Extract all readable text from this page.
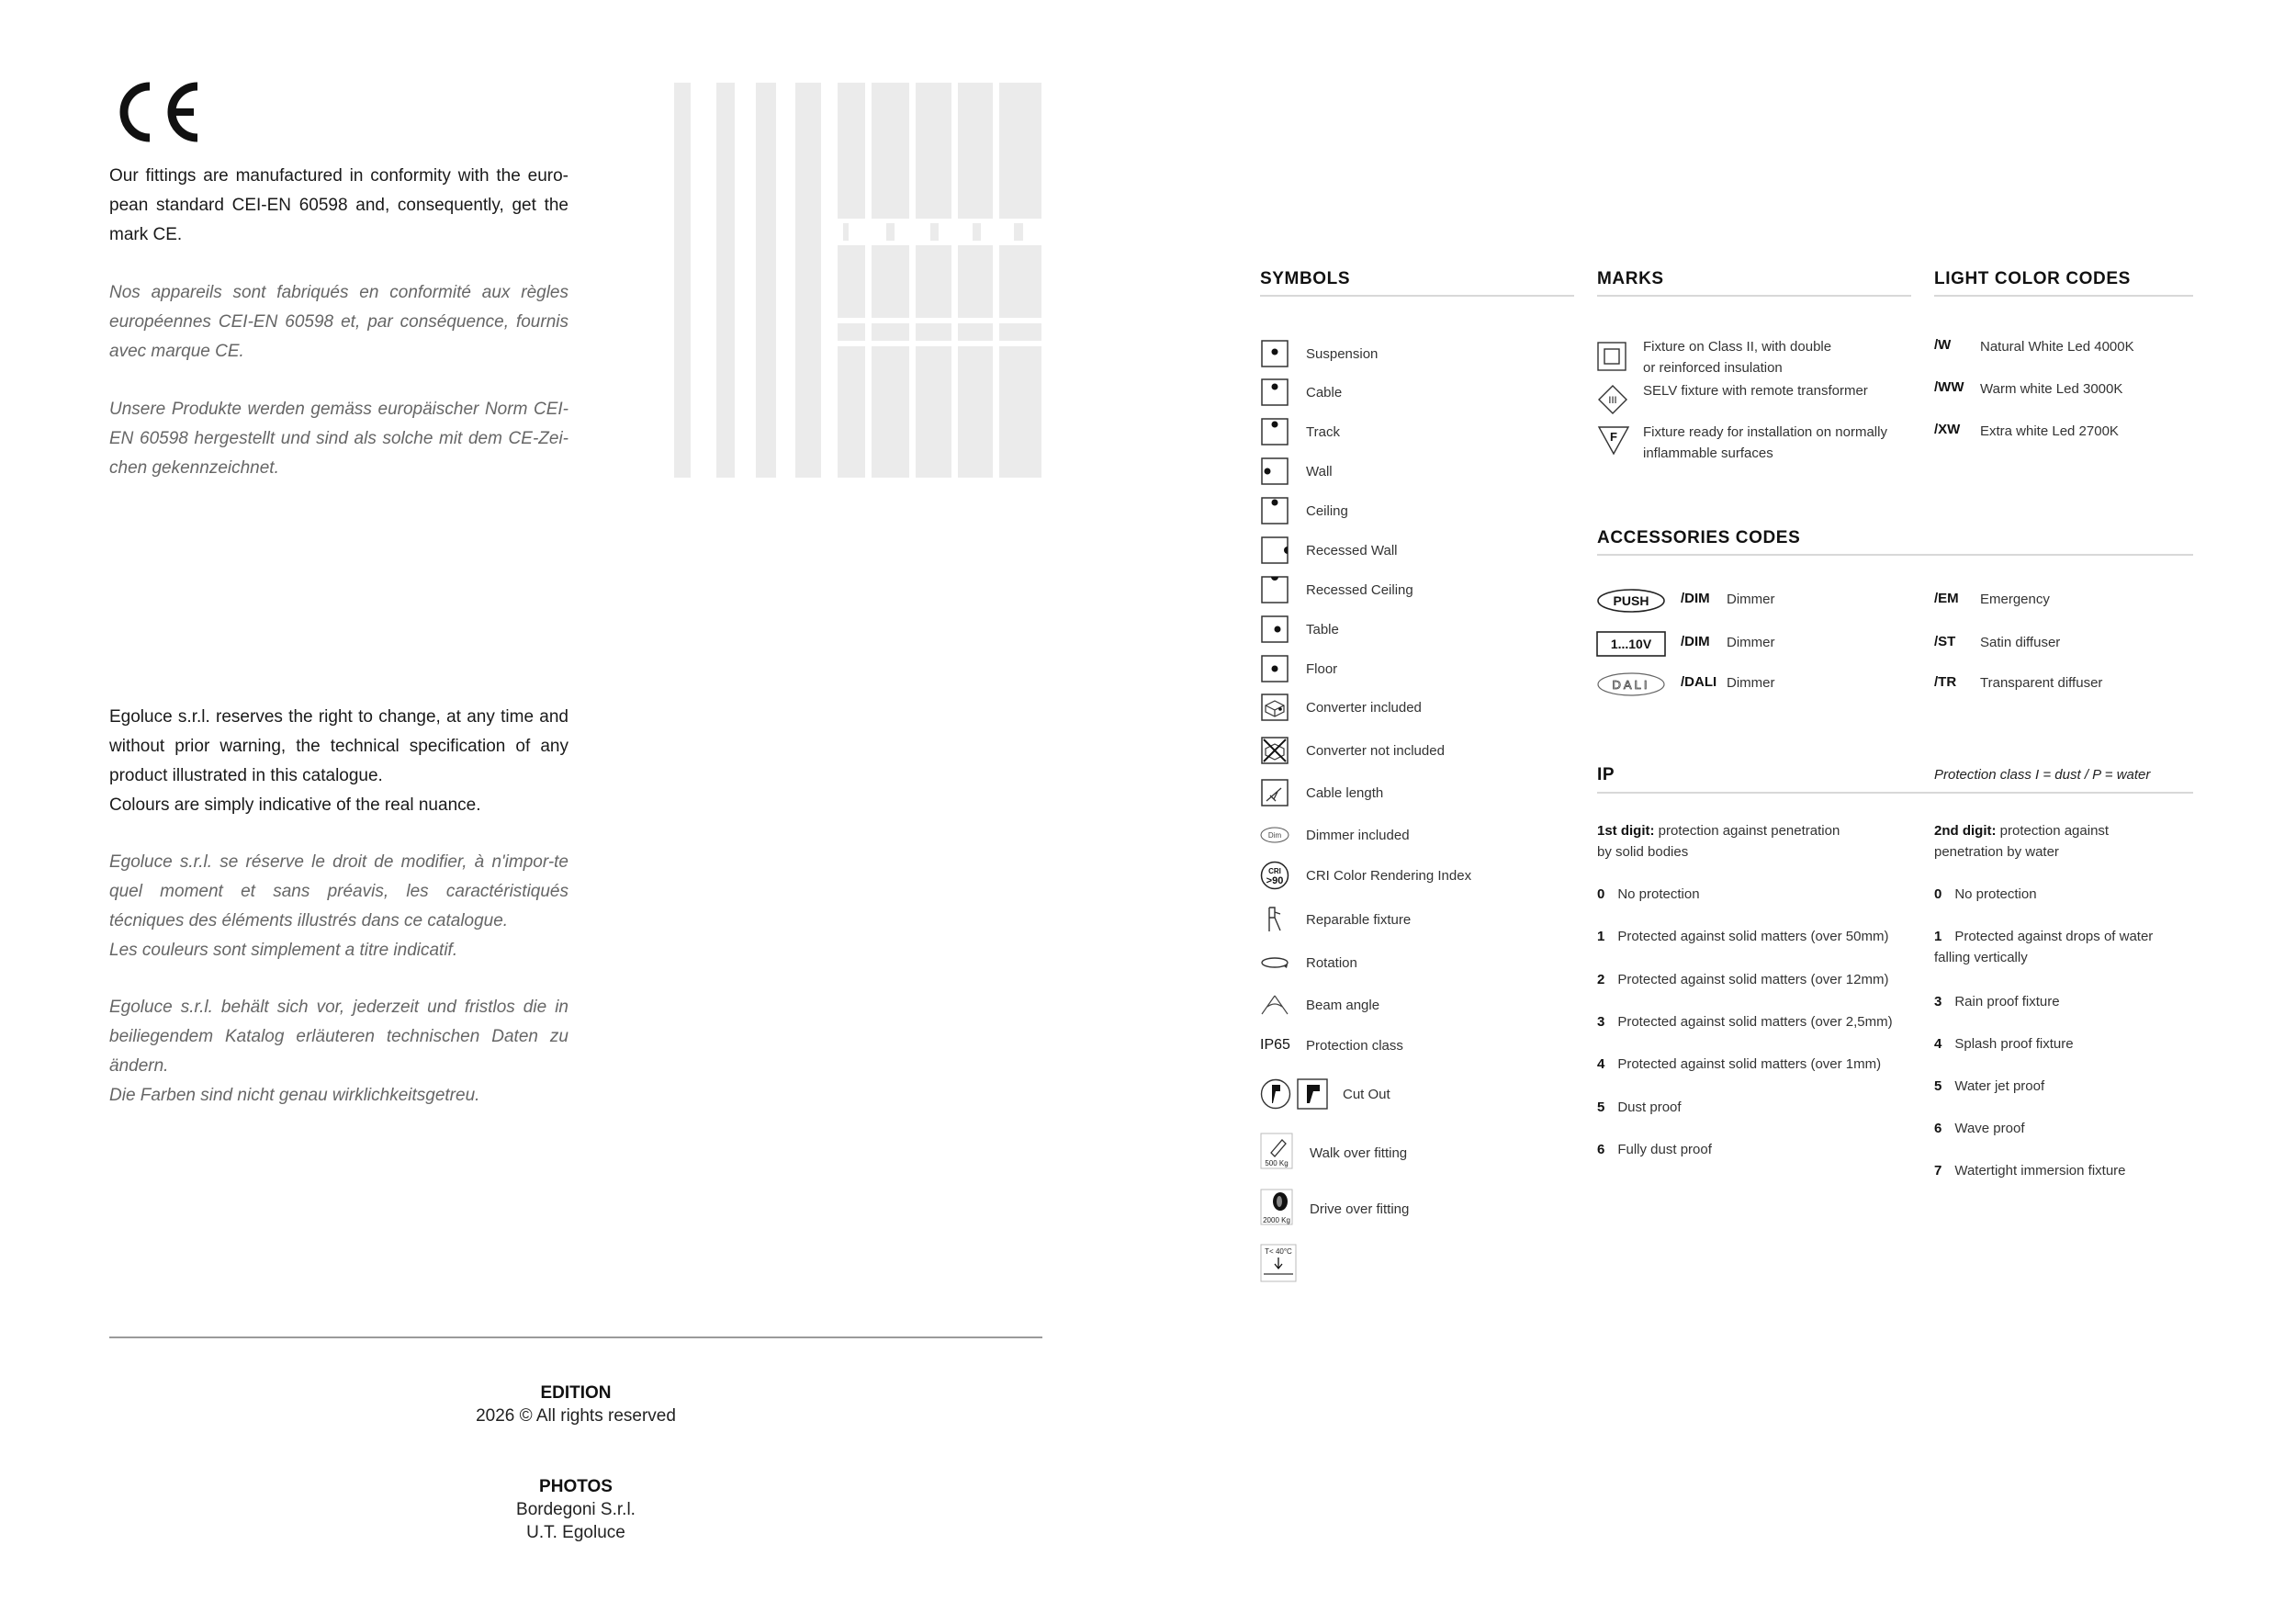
Our fittings are manufactured in conformity with the euro-pean standard CEI-EN 60598 and, consequently, get the mark CE.

Nos appareils sont fabriqués en conformité aux règles européennes CEI-EN 60598 et, par conséquence, fournis avec marque CE.

Unsere Produkte werden gemäss europäischer Norm CEI-EN 60598 hergestellt und sind als solche mit dem CE-Zei-chen gekennzeichnet.

Egoluce s.r.l. reserves the right to change, at any time and without prior warning, the technical specification of any product illustrated in this catalogue.

Colours are simply indicative of the real nuance.

Egoluce s.r.l. se réserve le droit de modifier, à n'impor-te quel moment et sans préavis, les caractéristiqués técniques des éléments illustrés dans ce catalogue.

Les couleurs sont simplement a titre indicatif.

Egoluce s.r.l. behält sich vor, jederzeit und fristlos die in beiliegendem Katalog erläuteren technischen Daten zu ändern.

Die Farben sind nicht genau wirklichkeitsgetreu.

EDITION
2026 © All rights reserved
PHOTOS
Bordegoni S.r.l.
U.T. Egoluce
SYMBOLS
Suspension
Cable
Track
Wall
Ceiling
Recessed Wall
Recessed Ceiling
Table
Floor
Converter included
Converter not included
Cable length
Dim Dimmer included
CRI
>90 CRI Color Rendering Index
Reparable fixture
Rotation
Beam angle
IP65 Protection class
Cut Out
500 Kg
Walk over fitting
2000 Kg
Drive over fitting
T< 40°C
MARKS
Fixture on Class II, with double
or reinforced insulation
III
SELV fixture with remote transformer
F Fixture ready for installation on normally
inflammable surfaces
LIGHT COLOR CODES
/W Natural White Led 4000K
/WW Warm white Led 3000K
/XW Extra white Led 2700K
ACCESSORIES CODES
PUSH /DIM Dimmer
1...10V /DIM Dimmer
DALI /DALI Dimmer
/EM Emergency
/ST Satin diffuser
/TR Transparent diffuser
IP	Protection class I = dust / P = water
1st digit: protection against penetration
by solid bodies
0 No protection
1 Protected against solid matters (over 50mm)
2 Protected against solid matters (over 12mm)
3 Protected against solid matters (over 2,5mm)
4 Protected against solid matters (over 1mm)
5 Dust proof
6 Fully dust proof
2nd digit: protection against
penetration by water
0 No protection
1 Protected against drops of water
falling vertically
3 Rain proof fixture
4 Splash proof fixture
5 Water jet proof
6 Wave proof
7 Watertight immersion fixture
